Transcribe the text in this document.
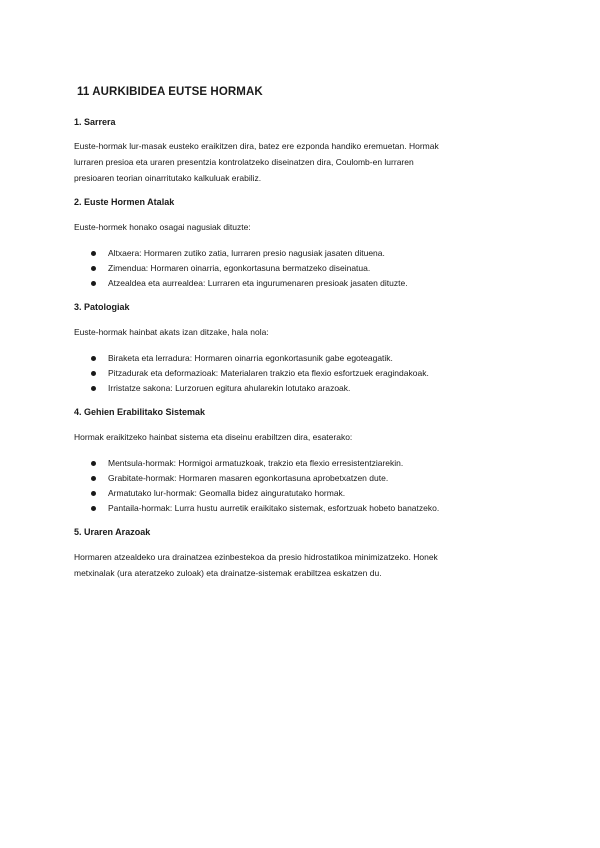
11 AURKIBIDEA EUTSE HORMAK
1. Sarrera

Euste-hormak lur-masak eusteko eraikitzen dira, batez ere ezponda handiko eremuetan. Hormak
lurraren presioa eta uraren presentzia kontrolatzeko diseinatzen dira, Coulomb-en lurraren
presioaren teorian oinarritutako kalkuluak erabiliz.

2. Euste Hormen Atalak

Euste-hormek honako osagai nagusiak dituzte:

Altxaera: Hormaren zutiko zatia, lurraren presio nagusiak jasaten dituena.
Zimendua: Hormaren oinarria, egonkortasuna bermatzeko diseinatua.
Atzealdea eta aurrealdea: Lurraren eta ingurumenaren presioak jasaten dituzte.
3. Patologiak

Euste-hormak hainbat akats izan ditzake, hala nola:

Biraketa eta lerradura: Hormaren oinarria egonkortasunik gabe egoteagatik.
Pitzadurak eta deformazioak: Materialaren trakzio eta flexio esfortzuek eragindakoak.
Irristatze sakona: Lurzoruen egitura ahularekin lotutako arazoak.
4. Gehien Erabilitako Sistemak

Hormak eraikitzeko hainbat sistema eta diseinu erabiltzen dira, esaterako:

Mentsula-hormak: Hormigoi armatuzkoak, trakzio eta flexio erresistentziarekin.
Grabitate-hormak: Hormaren masaren egonkortasuna aprobetxatzen dute.
Armatutako lur-hormak: Geomalla bidez ainguratutako hormak.
Pantaila-hormak: Lurra hustu aurretik eraikitako sistemak, esfortzuak hobeto banatzeko.
5. Uraren Arazoak

Hormaren atzealdeko ura drainatzea ezinbestekoa da presio hidrostatikoa minimizatzeko. Honek
metxinalak (ura ateratzeko zuloak) eta drainatze-sistemak erabiltzea eskatzen du.
